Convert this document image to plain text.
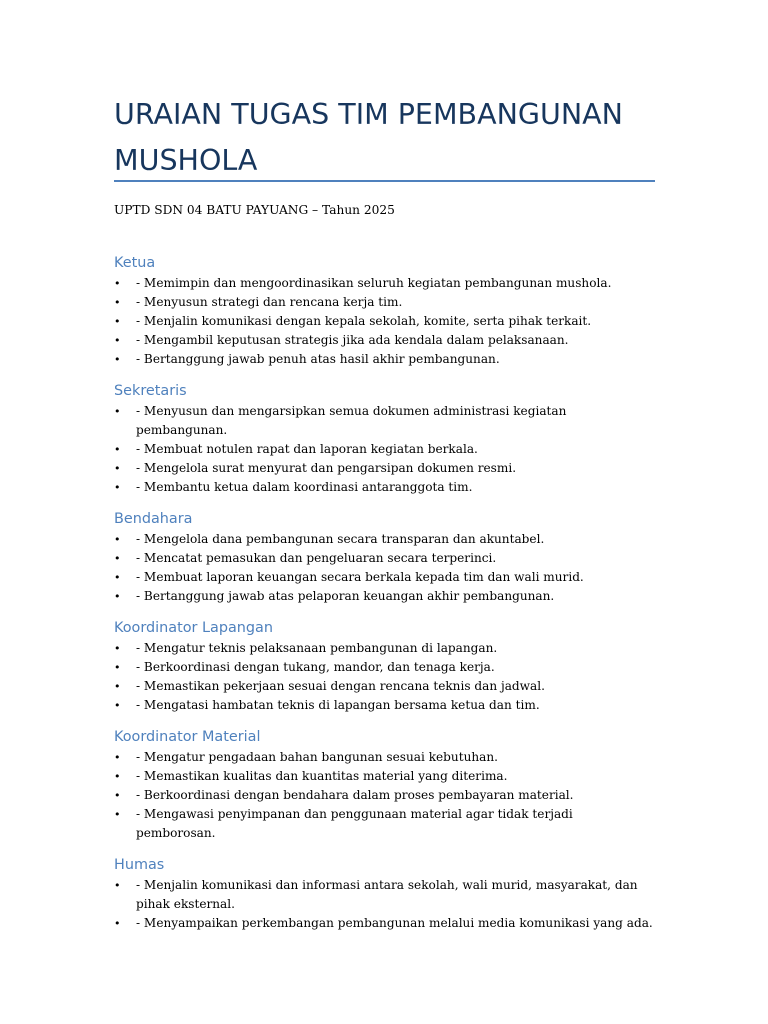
URAIAN TUGAS TIM PEMBANGUNAN MUSHOLA

UPTD SDN 04 BATU PAYUANG – Tahun 2025

Ketua
• - Memimpin dan mengoordinasikan seluruh kegiatan pembangunan mushola.
• - Menyusun strategi dan rencana kerja tim.
• - Menjalin komunikasi dengan kepala sekolah, komite, serta pihak terkait.
• - Mengambil keputusan strategis jika ada kendala dalam pelaksanaan.
• - Bertanggung jawab penuh atas hasil akhir pembangunan.
Sekretaris
• - Menyusun dan mengarsipkan semua dokumen administrasi kegiatan pembangunan.
• - Membuat notulen rapat dan laporan kegiatan berkala.
• - Mengelola surat menyurat dan pengarsipan dokumen resmi.
• - Membantu ketua dalam koordinasi antaranggota tim.
Bendahara
• - Mengelola dana pembangunan secara transparan dan akuntabel.
• - Mencatat pemasukan dan pengeluaran secara terperinci.
• - Membuat laporan keuangan secara berkala kepada tim dan wali murid.
• - Bertanggung jawab atas pelaporan keuangan akhir pembangunan.
Koordinator Lapangan
• - Mengatur teknis pelaksanaan pembangunan di lapangan.
• - Berkoordinasi dengan tukang, mandor, dan tenaga kerja.
• - Memastikan pekerjaan sesuai dengan rencana teknis dan jadwal.
• - Mengatasi hambatan teknis di lapangan bersama ketua dan tim.
Koordinator Material
• - Mengatur pengadaan bahan bangunan sesuai kebutuhan.
• - Memastikan kualitas dan kuantitas material yang diterima.
• - Berkoordinasi dengan bendahara dalam proses pembayaran material.
• - Mengawasi penyimpanan dan penggunaan material agar tidak terjadi pemborosan.
Humas
• - Menjalin komunikasi dan informasi antara sekolah, wali murid, masyarakat, dan pihak eksternal.
• - Menyampaikan perkembangan pembangunan melalui media komunikasi yang ada.
